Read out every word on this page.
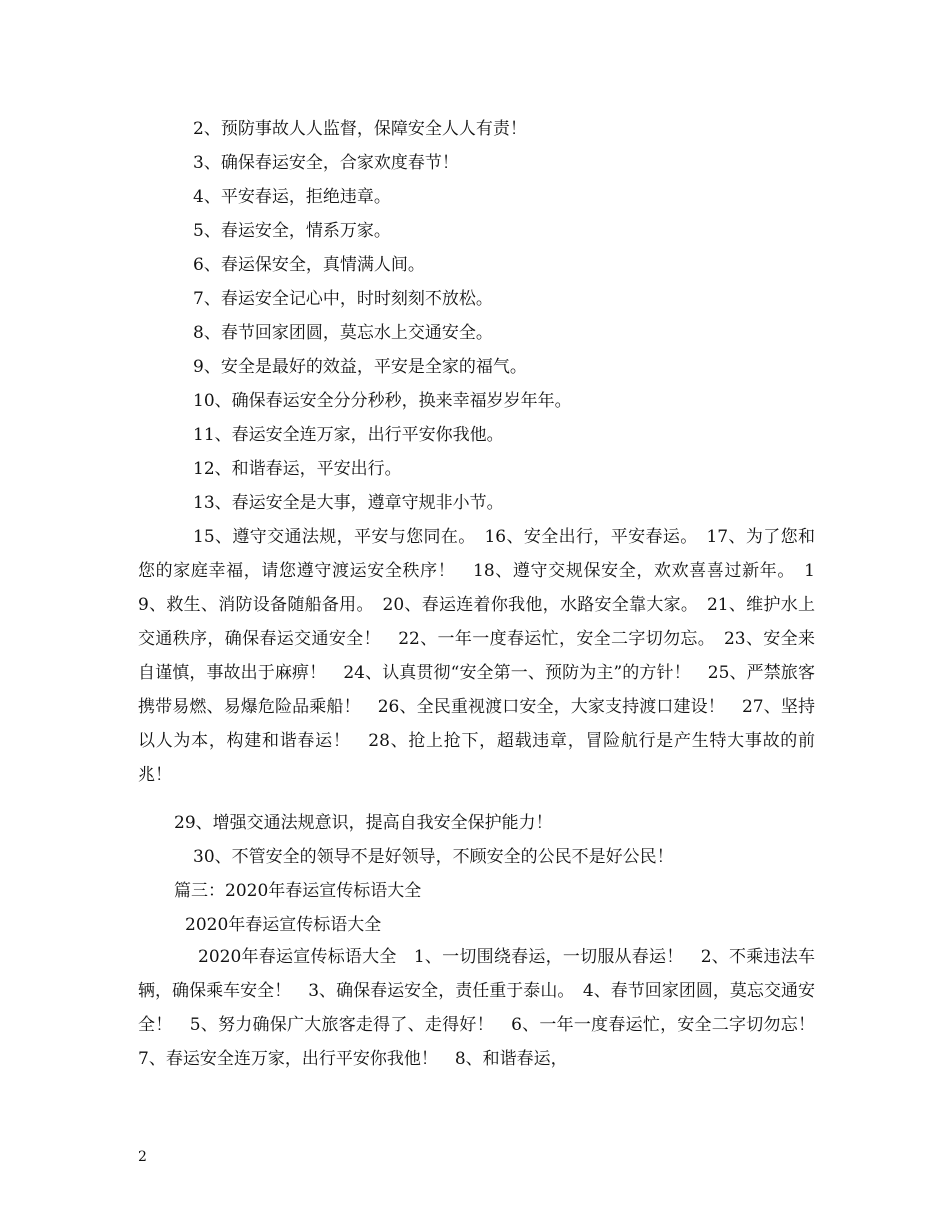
2、预防事故人人监督，保障安全人人有责！
3、确保春运安全，合家欢度春节！
4、平安春运，拒绝违章。
5、春运安全，情系万家。
6、春运保安全，真情满人间。
7、春运安全记心中，时时刻刻不放松。
8、春节回家团圆，莫忘水上交通安全。
9、安全是最好的效益，平安是全家的福气。
10、确保春运安全分分秒秒，换来幸福岁岁年年。
11、春运安全连万家，出行平安你我他。
12、和谐春运，平安出行。
13、春运安全是大事，遵章守规非小节。
15、遵守交通法规，平安与您同在。　16、安全出行，平安春运。　17、为了您和您的家庭幸福，请您遵守渡运安全秩序！　18、遵守交规保安全，欢欢喜喜过新年。　19、救生、消防设备随船备用。　20、春运连着你我他，水路安全靠大家。　21、维护水上交通秩序，确保春运交通安全！　22、一年一度春运忙，安全二字切勿忘。　23、安全来自谨慎，事故出于麻痹！　24、认真贯彻“安全第一、预防为主”的方针！　25、严禁旅客携带易燃、易爆危险品乘船！　26、全民重视渡口安全，大家支持渡口建设！　27、坚持以人为本，构建和谐春运！　28、抢上抢下，超载违章，冒险航行是产生特大事故的前兆！
29、增强交通法规意识，提高自我安全保护能力！
30、不管安全的领导不是好领导，不顾安全的公民不是好公民！
篇三：2020年春运宣传标语大全
2020年春运宣传标语大全
2020年春运宣传标语大全　1、一切围绕春运，一切服从春运！　2、不乘违法车辆，确保乘车安全！　3、确保春运安全，责任重于泰山。　4、春节回家团圆，莫忘交通安全！　5、努力确保广大旅客走得了、走得好！　6、一年一度春运忙，安全二字切勿忘！　7、春运安全连万家，出行平安你我他！　8、和谐春运，
2
